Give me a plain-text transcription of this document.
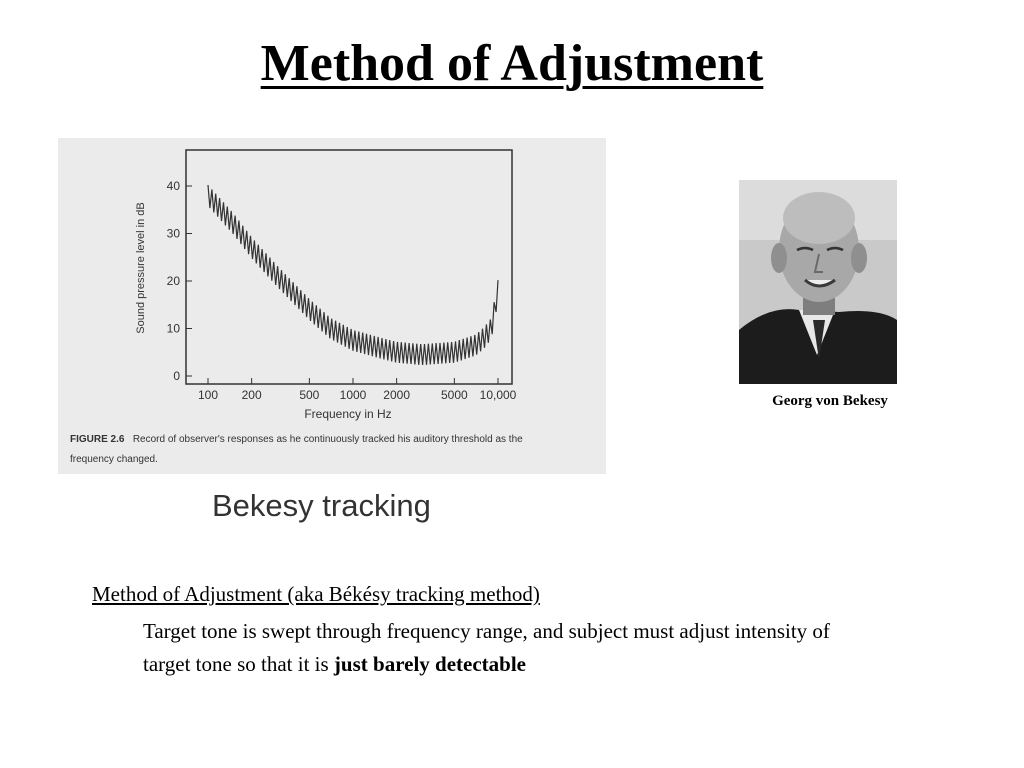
Method of Adjustment
0
10
20
30
40
100 200	500 1000 2000	5000 10,000
Sound pressure level in dB
Frequency in Hz
FIGURE 2.6 Record of observer's responses as he continuously tracked his auditory threshold as the
frequency changed.
Bekesy tracking
Georg von Bekesy
Method of Adjustment (aka Békésy tracking method)
Target tone is swept through frequency range, and subject must adjust intensity of target tone so that it is just barely detectable
